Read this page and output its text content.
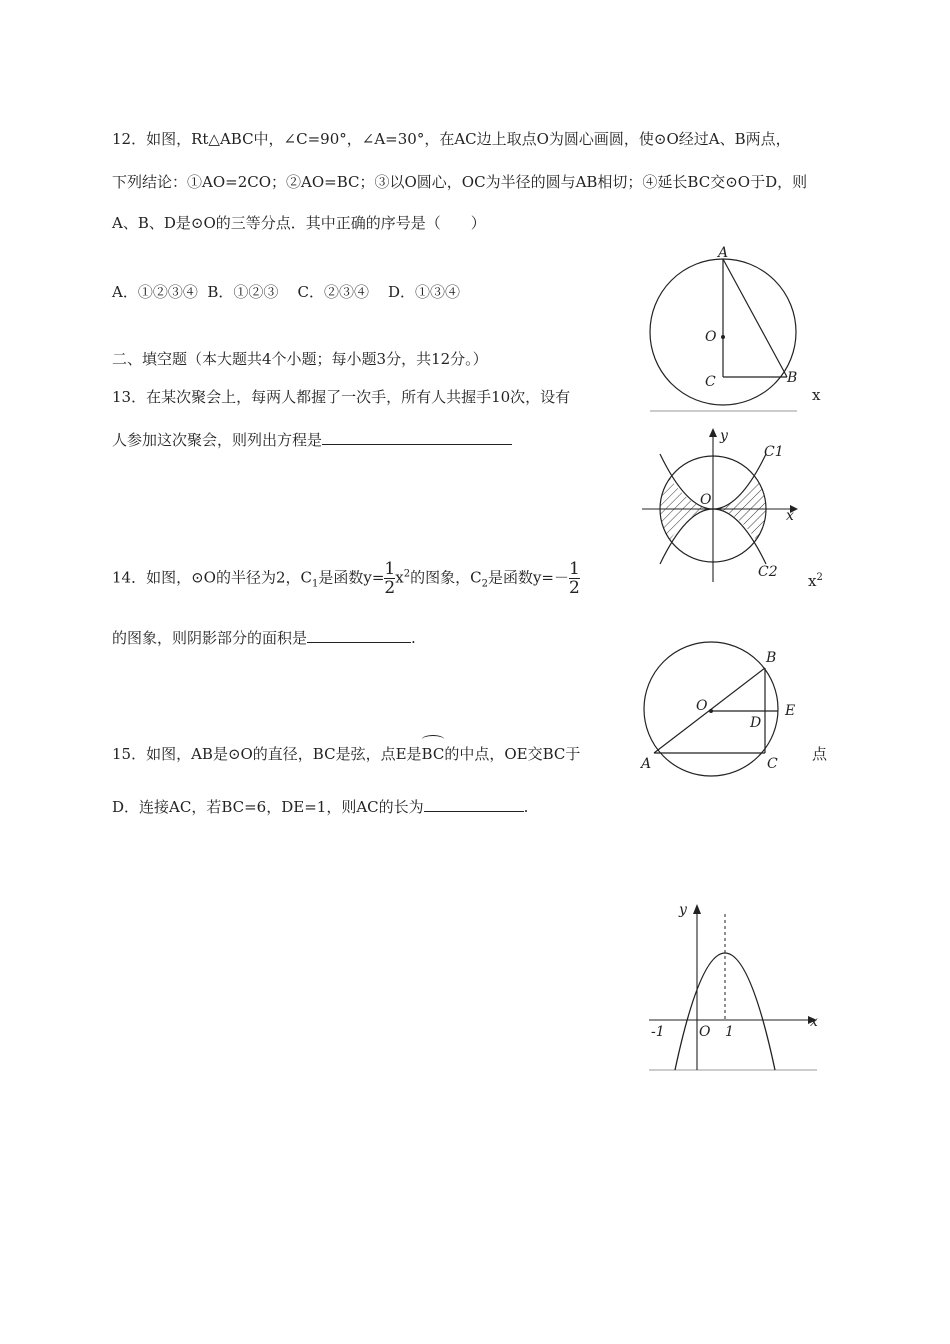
12．如图，Rt△ABC中，∠C=90°，∠A=30°，在AC边上取点O为圆心画圆，使⊙O经过A、B两点，
下列结论：①AO=2CO；②AO=BC；③以O圆心，OC为半径的圆与AB相切；④延长BC交⊙O于D，则
A、B、D是⊙O的三等分点．其中正确的序号是（　　）
A．①②③④  B．①②③    C．②③④    D．①③④
二、填空题（本大题共4个小题；每小题3分，共12分。）
13．在某次聚会上，每两人都握了一次手，所有人共握手10次，设有	x
人参加这次聚会，则列出方程是
14．如图，⊙O的半径为2，$C_1$是函数$y= \frac{1}{2} x^2$的图象，$C_2$是函数$y=- \frac{1}{2}$	$x^2$
的图象，则阴影部分的面积是	.
15．如图，AB是⊙O的直径，BC是弦，点E是
BC的中点，OE交BC于	点
D．连接AC，若BC=6，DE=1，则AC的长为	.
A
O
C	B
y
C1
O
x
C2
B
O
D
E
A	C
y
x
-1 O 1
